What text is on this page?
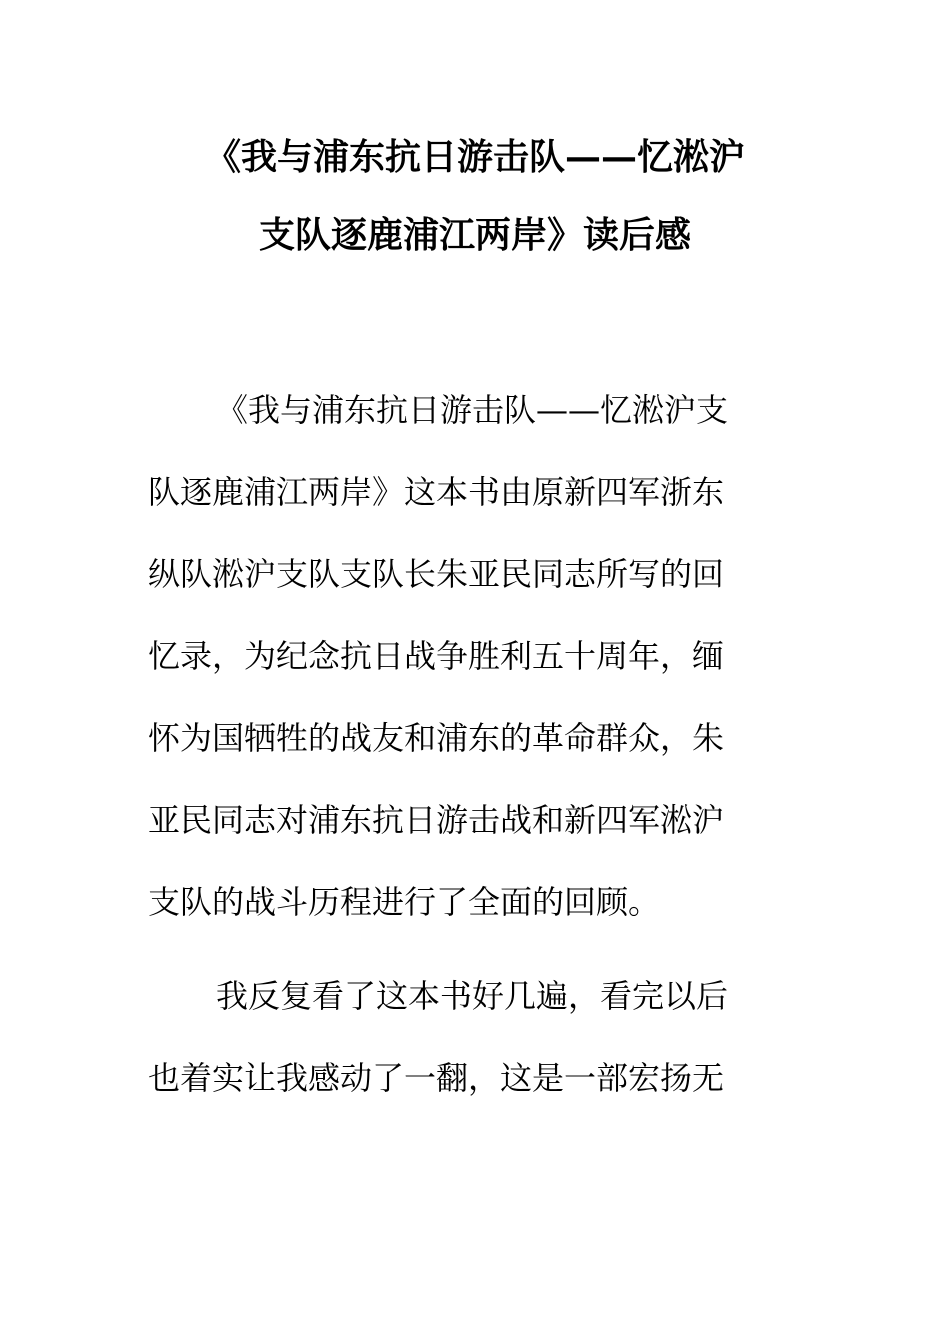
《我与浦东抗日游击队——忆淞沪
支队逐鹿浦江两岸》读后感
《我与浦东抗日游击队——忆淞沪支
队逐鹿浦江两岸》这本书由原新四军浙东
纵队淞沪支队支队长朱亚民同志所写的回
忆录，为纪念抗日战争胜利五十周年，缅
怀为国牺牲的战友和浦东的革命群众，朱
亚民同志对浦东抗日游击战和新四军淞沪
支队的战斗历程进行了全面的回顾。
我反复看了这本书好几遍，看完以后
也着实让我感动了一翻，这是一部宏扬无
